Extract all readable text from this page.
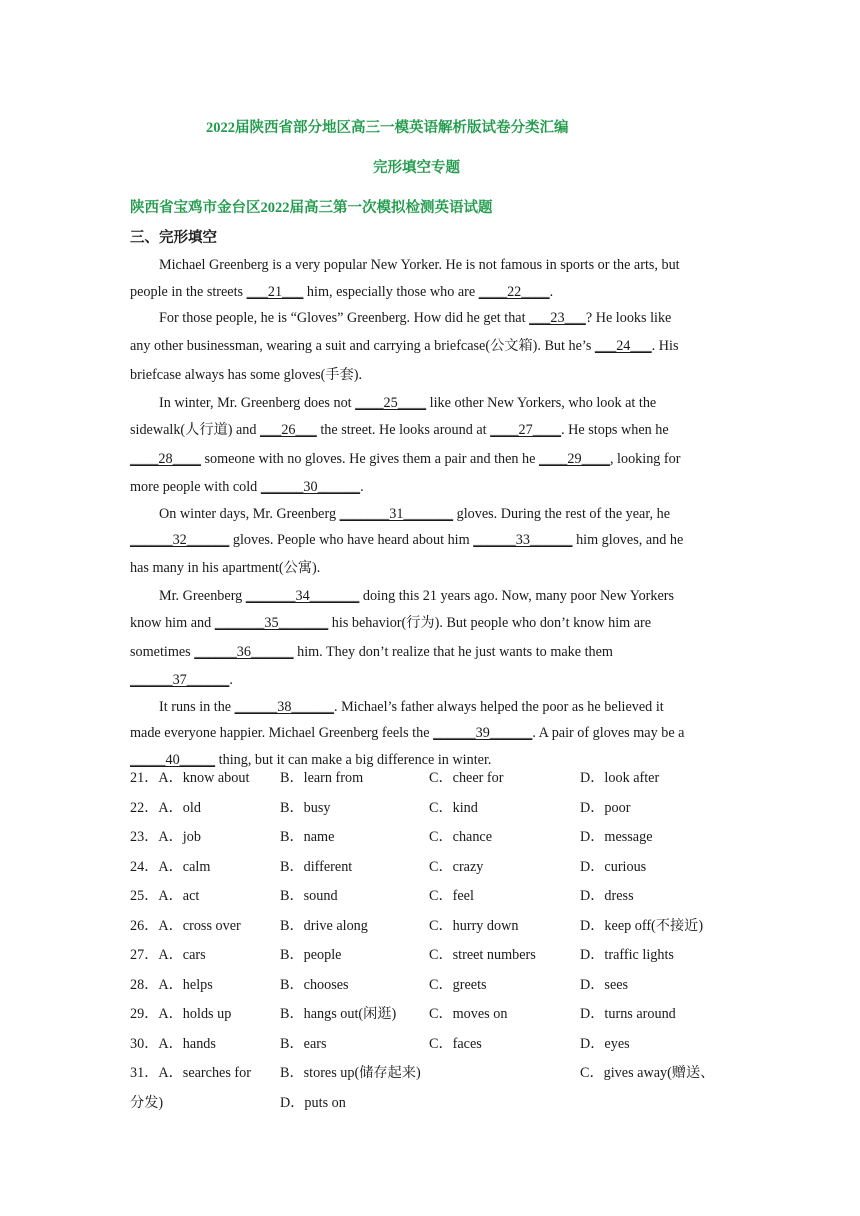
2022届陕西省部分地区高三一模英语解析版试卷分类汇编
完形填空专题
陕西省宝鸡市金台区2022届高三第一次模拟检测英语试题
三、完形填空
Michael Greenberg is a very popular New Yorker. He is not famous in sports or the arts, but
people in the streets ___21___ him, especially those who are ____22____.
For those people, he is “Gloves” Greenberg. How did he get that ___23___? He looks like
any other businessman, wearing a suit and carrying a briefcase(公文箱). But he’s ___24___. His
briefcase always has some gloves(手套).
In winter, Mr. Greenberg does not ____25____ like other New Yorkers, who look at the
sidewalk(人行道) and ___26___ the street. He looks around at ____27____. He stops when he
____28____ someone with no gloves. He gives them a pair and then he ____29____, looking for
more people with cold ______30______.
On winter days, Mr. Greenberg _______31_______ gloves. During the rest of the year, he
______32______ gloves. People who have heard about him ______33______ him gloves, and he
has many in his apartment(公寓).
Mr. Greenberg _______34_______ doing this 21 years ago. Now, many poor New Yorkers
know him and _______35_______ his behavior(行为). But people who don’t know him are
sometimes ______36______ him. They don’t realize that he just wants to make them
______37______.
It runs in the ______38______. Michael’s father always helped the poor as he believed it
made everyone happier. Michael Greenberg feels the ______39______. A pair of gloves may be a
_____40_____ thing, but it can make a big difference in winter.
21．A．know about B．learn from	C．cheer for	D．look after
22．A．old	B．busy	C．kind	D．poor
23．A．job	B．name	C．chance	D．message
24．A．calm	B．different	C．crazy	D．curious
25．A．act	B．sound	C．feel	D．dress
26．A．cross over	B．drive along	C．hurry down	D．keep off(不接近)
27．A．cars	B．people	C．street numbers	D．traffic lights
28．A．helps	B．chooses	C．greets	D．sees
29．A．holds up	B．hangs out(闲逛) C．moves on	D．turns around
30．A．hands	B．ears	C．faces	D．eyes
31．A．searches for B．stores up(储存起来)	C．gives away(赠送、
分发)	D．puts on
